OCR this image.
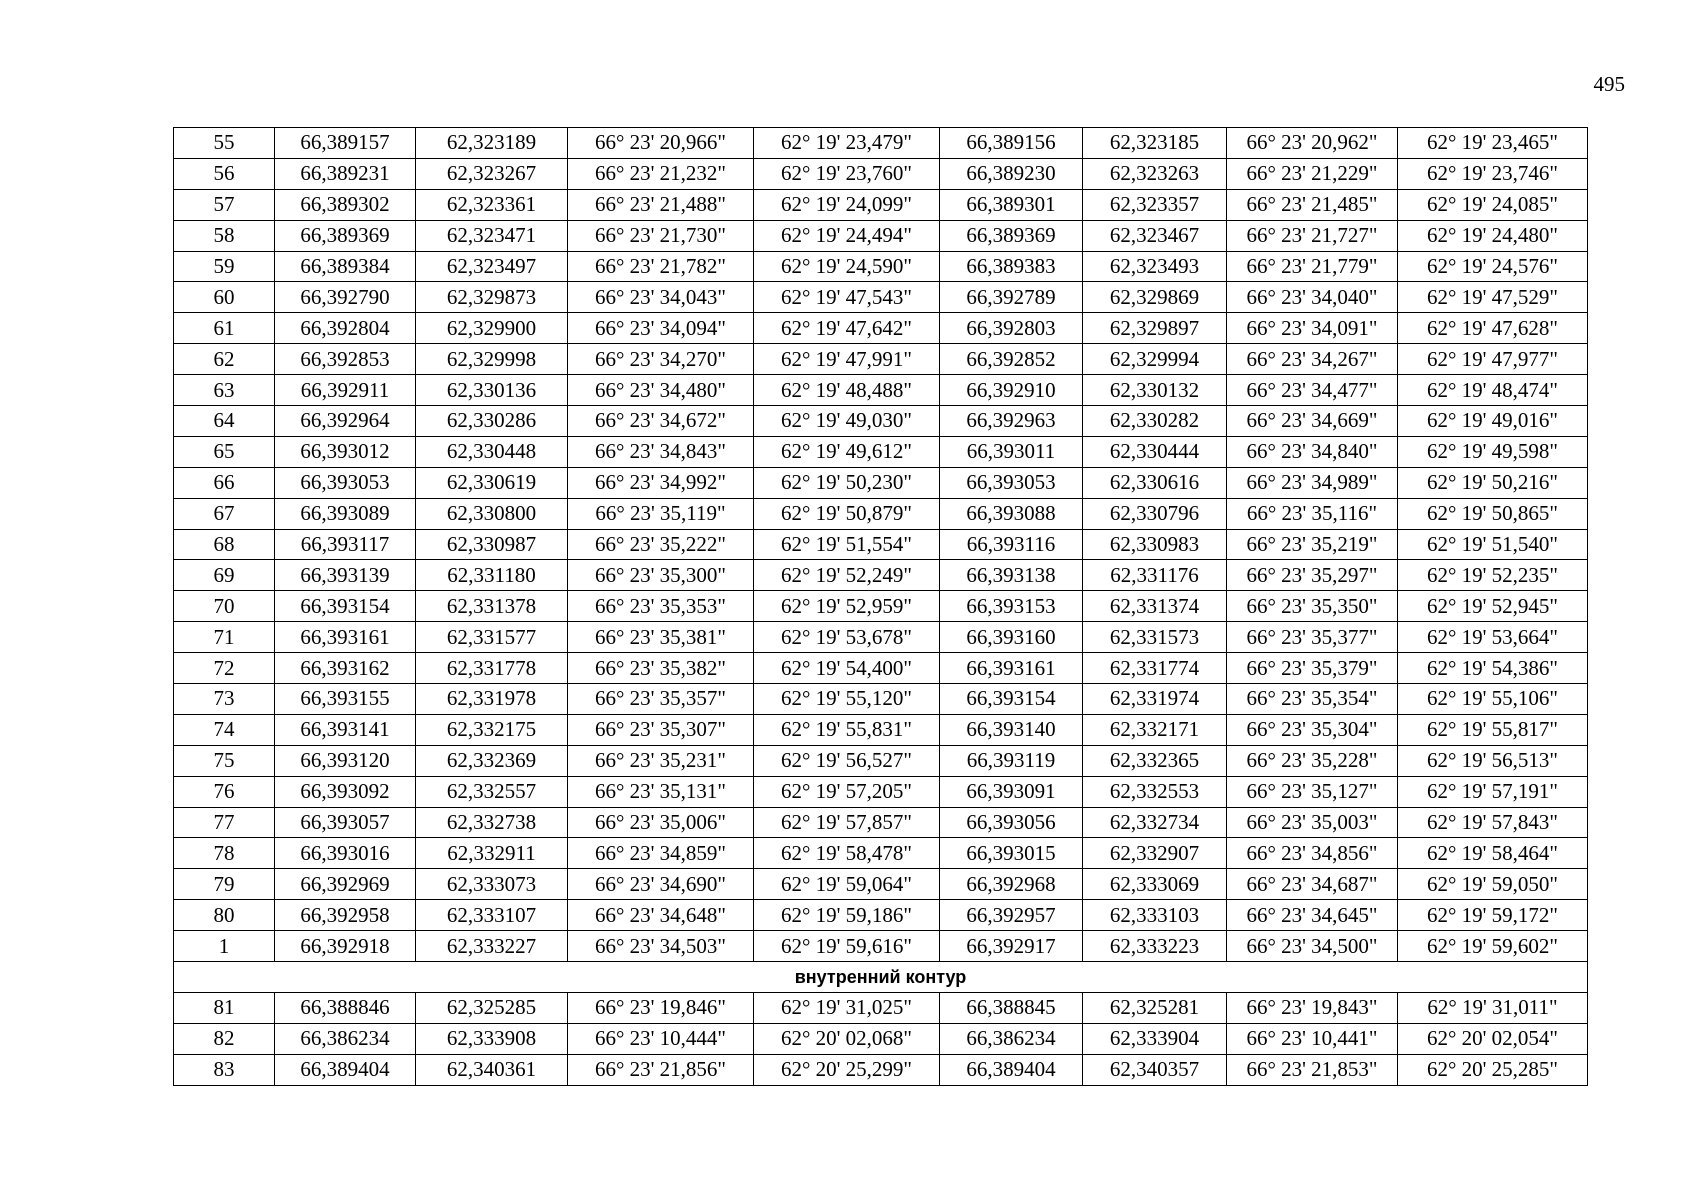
495
55	66,389157	62,323189	66° 23' 20,966"	62° 19' 23,479"	66,389156	62,323185	66° 23' 20,962"	62° 19' 23,465"
56	66,389231	62,323267	66° 23' 21,232"	62° 19' 23,760"	66,389230	62,323263	66° 23' 21,229"	62° 19' 23,746"
57	66,389302	62,323361	66° 23' 21,488"	62° 19' 24,099"	66,389301	62,323357	66° 23' 21,485"	62° 19' 24,085"
58	66,389369	62,323471	66° 23' 21,730"	62° 19' 24,494"	66,389369	62,323467	66° 23' 21,727"	62° 19' 24,480"
59	66,389384	62,323497	66° 23' 21,782"	62° 19' 24,590"	66,389383	62,323493	66° 23' 21,779"	62° 19' 24,576"
60	66,392790	62,329873	66° 23' 34,043"	62° 19' 47,543"	66,392789	62,329869	66° 23' 34,040"	62° 19' 47,529"
61	66,392804	62,329900	66° 23' 34,094"	62° 19' 47,642"	66,392803	62,329897	66° 23' 34,091"	62° 19' 47,628"
62	66,392853	62,329998	66° 23' 34,270"	62° 19' 47,991"	66,392852	62,329994	66° 23' 34,267"	62° 19' 47,977"
63	66,392911	62,330136	66° 23' 34,480"	62° 19' 48,488"	66,392910	62,330132	66° 23' 34,477"	62° 19' 48,474"
64	66,392964	62,330286	66° 23' 34,672"	62° 19' 49,030"	66,392963	62,330282	66° 23' 34,669"	62° 19' 49,016"
65	66,393012	62,330448	66° 23' 34,843"	62° 19' 49,612"	66,393011	62,330444	66° 23' 34,840"	62° 19' 49,598"
66	66,393053	62,330619	66° 23' 34,992"	62° 19' 50,230"	66,393053	62,330616	66° 23' 34,989"	62° 19' 50,216"
67	66,393089	62,330800	66° 23' 35,119"	62° 19' 50,879"	66,393088	62,330796	66° 23' 35,116"	62° 19' 50,865"
68	66,393117	62,330987	66° 23' 35,222"	62° 19' 51,554"	66,393116	62,330983	66° 23' 35,219"	62° 19' 51,540"
69	66,393139	62,331180	66° 23' 35,300"	62° 19' 52,249"	66,393138	62,331176	66° 23' 35,297"	62° 19' 52,235"
70	66,393154	62,331378	66° 23' 35,353"	62° 19' 52,959"	66,393153	62,331374	66° 23' 35,350"	62° 19' 52,945"
71	66,393161	62,331577	66° 23' 35,381"	62° 19' 53,678"	66,393160	62,331573	66° 23' 35,377"	62° 19' 53,664"
72	66,393162	62,331778	66° 23' 35,382"	62° 19' 54,400"	66,393161	62,331774	66° 23' 35,379"	62° 19' 54,386"
73	66,393155	62,331978	66° 23' 35,357"	62° 19' 55,120"	66,393154	62,331974	66° 23' 35,354"	62° 19' 55,106"
74	66,393141	62,332175	66° 23' 35,307"	62° 19' 55,831"	66,393140	62,332171	66° 23' 35,304"	62° 19' 55,817"
75	66,393120	62,332369	66° 23' 35,231"	62° 19' 56,527"	66,393119	62,332365	66° 23' 35,228"	62° 19' 56,513"
76	66,393092	62,332557	66° 23' 35,131"	62° 19' 57,205"	66,393091	62,332553	66° 23' 35,127"	62° 19' 57,191"
77	66,393057	62,332738	66° 23' 35,006"	62° 19' 57,857"	66,393056	62,332734	66° 23' 35,003"	62° 19' 57,843"
78	66,393016	62,332911	66° 23' 34,859"	62° 19' 58,478"	66,393015	62,332907	66° 23' 34,856"	62° 19' 58,464"
79	66,392969	62,333073	66° 23' 34,690"	62° 19' 59,064"	66,392968	62,333069	66° 23' 34,687"	62° 19' 59,050"
80	66,392958	62,333107	66° 23' 34,648"	62° 19' 59,186"	66,392957	62,333103	66° 23' 34,645"	62° 19' 59,172"
1	66,392918	62,333227	66° 23' 34,503"	62° 19' 59,616"	66,392917	62,333223	66° 23' 34,500"	62° 19' 59,602"
внутренний контур								
81	66,388846	62,325285	66° 23' 19,846"	62° 19' 31,025"	66,388845	62,325281	66° 23' 19,843"	62° 19' 31,011"
82	66,386234	62,333908	66° 23' 10,444"	62° 20' 02,068"	66,386234	62,333904	66° 23' 10,441"	62° 20' 02,054"
83	66,389404	62,340361	66° 23' 21,856"	62° 20' 25,299"	66,389404	62,340357	66° 23' 21,853"	62° 20' 25,285"
